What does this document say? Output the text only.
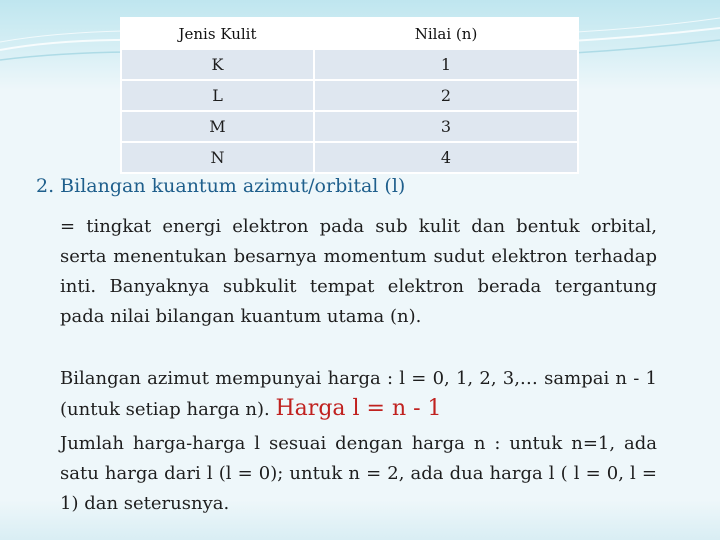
Jenis Kulit	Nilai (n)
K	1
L	2
M	3
N	4
2. Bilangan kuantum azimut/orbital (l)
= tingkat energi elektron pada sub kulit dan bentuk orbital, serta menentukan besarnya momentum sudut elektron terhadap inti. Banyaknya subkulit tempat elektron berada tergantung pada nilai bilangan kuantum utama (n).
Bilangan azimut mempunyai harga : l = 0, 1, 2, 3,… sampai n - 1 (untuk setiap harga n). Harga l = n - 1
Jumlah harga-harga l sesuai dengan harga n : untuk n=1, ada satu harga dari l (l = 0); untuk n = 2, ada dua harga l ( l = 0, l = 1) dan seterusnya.
